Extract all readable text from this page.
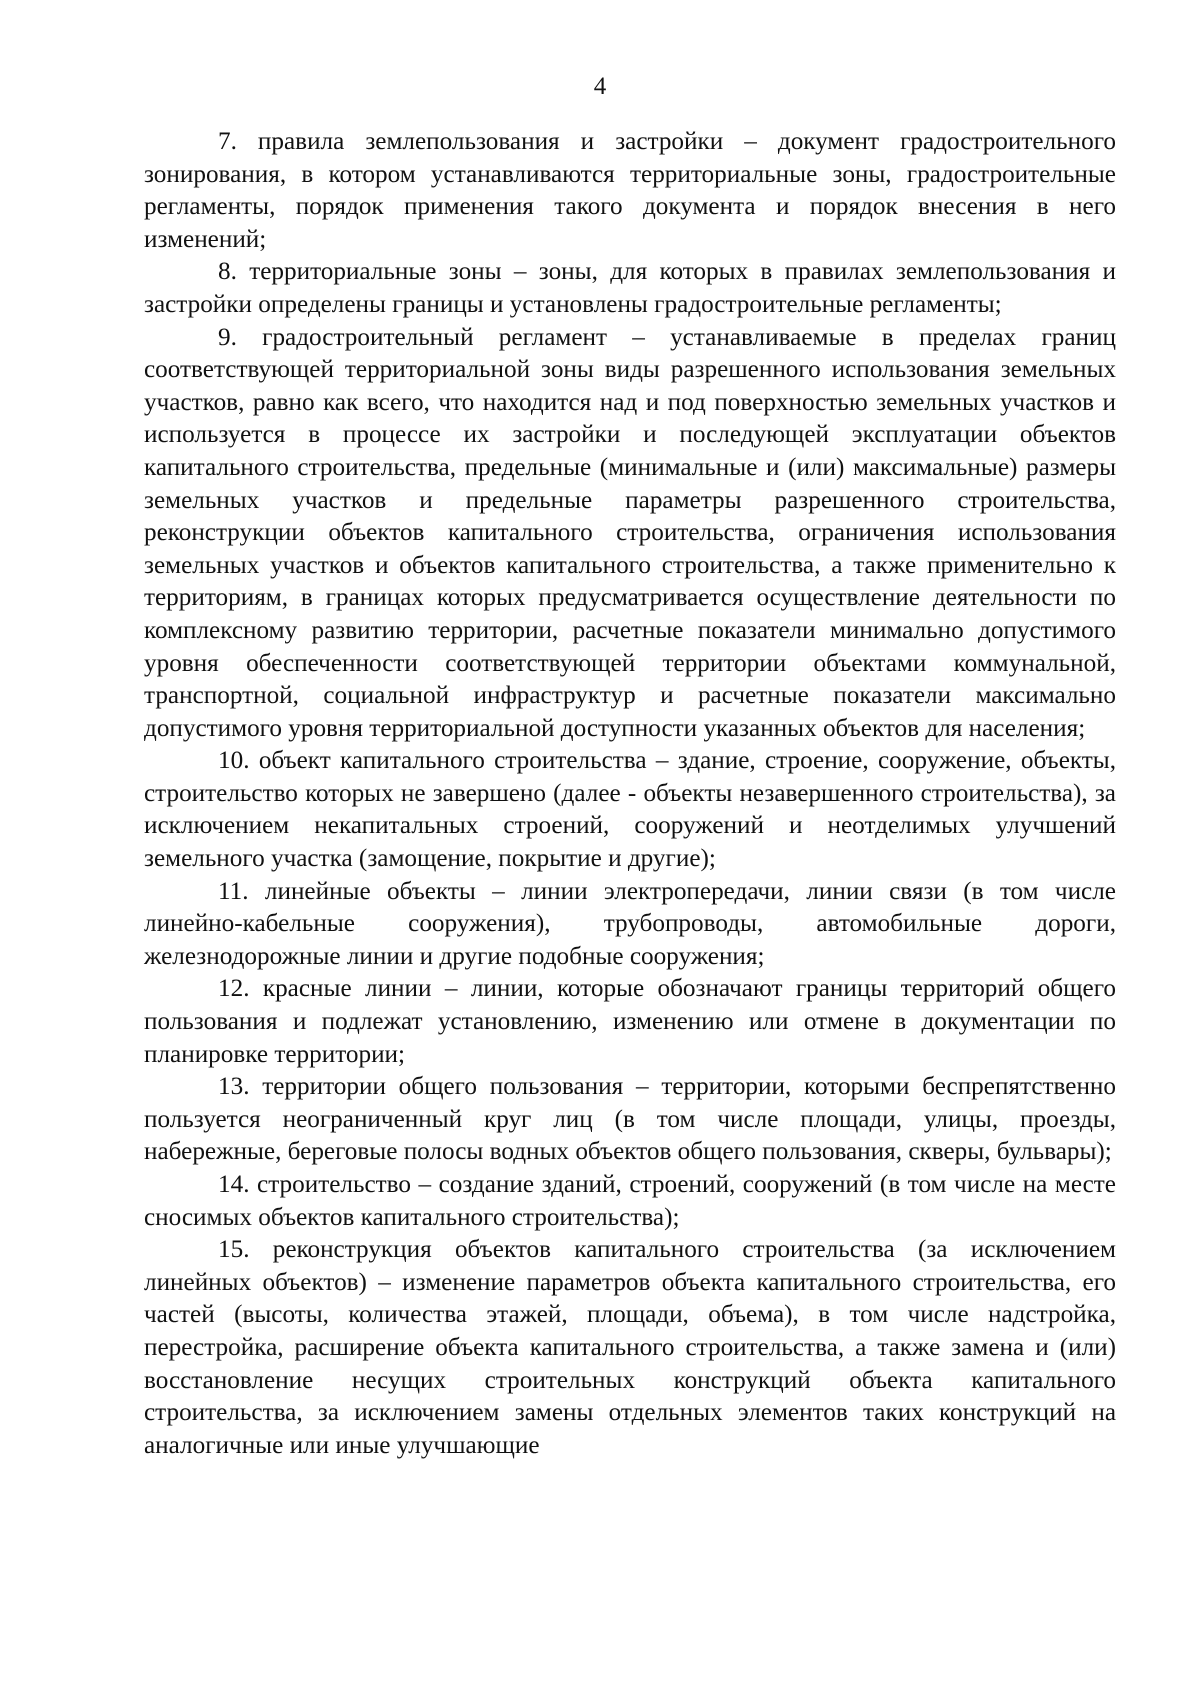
4

7. правила землепользования и застройки – документ градостроительного зонирования, в котором устанавливаются территориальные зоны, градостроительные регламенты, порядок применения такого документа и порядок внесения в него изменений;

8. территориальные зоны – зоны, для которых в правилах землепользования и застройки определены границы и установлены градостроительные регламенты;

9. градостроительный регламент – устанавливаемые в пределах границ соответствующей территориальной зоны виды разрешенного использования земельных участков, равно как всего, что находится над и под поверхностью земельных участков и используется в процессе их застройки и последующей эксплуатации объектов капитального строительства, предельные (минимальные и (или) максимальные) размеры земельных участков и предельные параметры разрешенного строительства, реконструкции объектов капитального строительства, ограничения использования земельных участков и объектов капитального строительства, а также применительно к территориям, в границах которых предусматривается осуществление деятельности по комплексному развитию территории, расчетные показатели минимально допустимого уровня обеспеченности соответствующей территории объектами коммунальной, транспортной, социальной инфраструктур и расчетные показатели максимально допустимого уровня территориальной доступности указанных объектов для населения;

10. объект капитального строительства – здание, строение, сооружение, объекты, строительство которых не завершено (далее - объекты незавершенного строительства), за исключением некапитальных строений, сооружений и неотделимых улучшений земельного участка (замощение, покрытие и другие);

11. линейные объекты – линии электропередачи, линии связи (в том числе линейно-кабельные сооружения), трубопроводы, автомобильные дороги, железнодорожные линии и другие подобные сооружения;

12. красные линии – линии, которые обозначают границы территорий общего пользования и подлежат установлению, изменению или отмене в документации по планировке территории;

13. территории общего пользования – территории, которыми беспрепятственно пользуется неограниченный круг лиц (в том числе площади, улицы, проезды, набережные, береговые полосы водных объектов общего пользования, скверы, бульвары);

14. строительство – создание зданий, строений, сооружений (в том числе на месте сносимых объектов капитального строительства);

15. реконструкция объектов капитального строительства (за исключением линейных объектов) – изменение параметров объекта капитального строительства, его частей (высоты, количества этажей, площади, объема), в том числе надстройка, перестройка, расширение объекта капитального строительства, а также замена и (или) восстановление несущих строительных конструкций объекта капитального строительства, за исключением замены отдельных элементов таких конструкций на аналогичные или иные улучшающие
